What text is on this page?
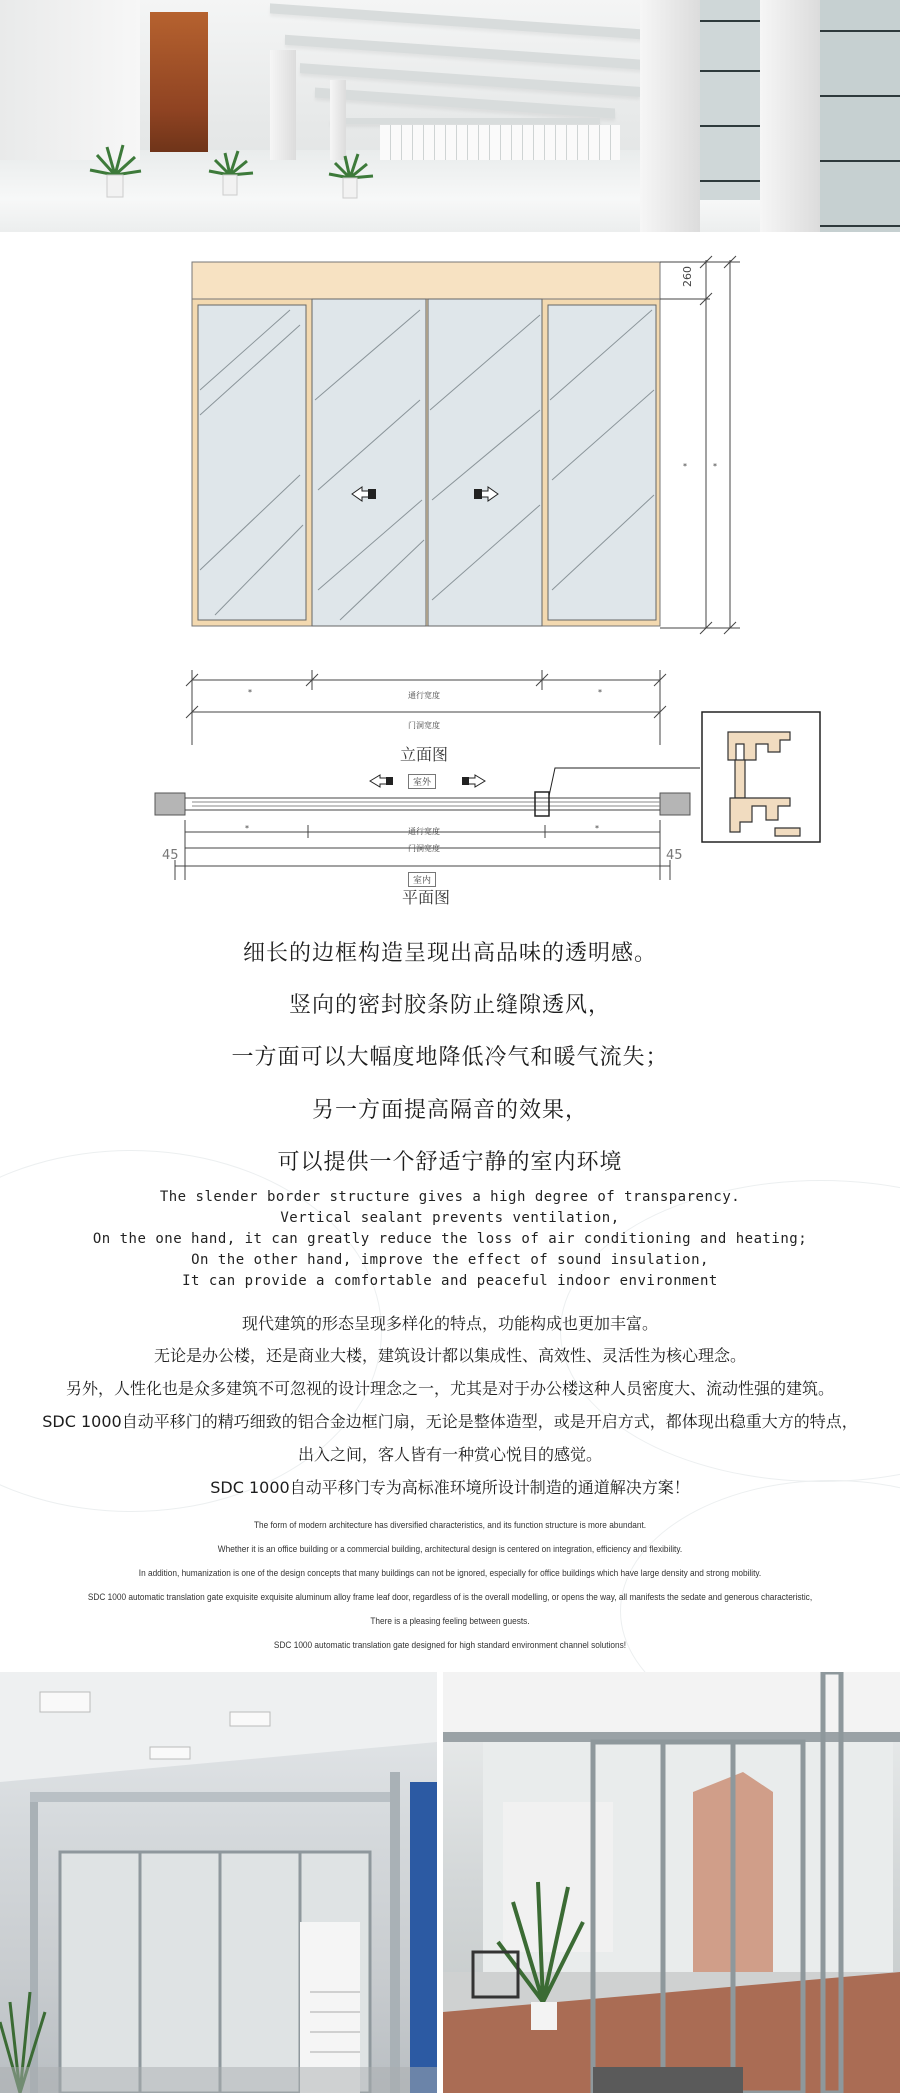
260
*	*
*	通行宽度	*
门洞宽度
立面图
室外
*	通行宽度	*
门洞宽度
45	45
室内
平面图
细长的边框构造呈现出高品味的透明感。
竖向的密封胶条防止缝隙透风，
一方面可以大幅度地降低冷气和暖气流失；
另一方面提高隔音的效果，
可以提供一个舒适宁静的室内环境
The slender border structure gives a high degree of transparency.
Vertical sealant prevents ventilation,
On the one hand, it can greatly reduce the loss of air conditioning and heating;
On the other hand, improve the effect of sound insulation,
It can provide a comfortable and peaceful indoor environment
现代建筑的形态呈现多样化的特点，功能构成也更加丰富。
无论是办公楼，还是商业大楼，建筑设计都以集成性、高效性、灵活性为核心理念。
另外，人性化也是众多建筑不可忽视的设计理念之一，尤其是对于办公楼这种人员密度大、流动性强的建筑。
SDC 1000自动平移门的精巧细致的铝合金边框门扇，无论是整体造型，或是开启方式，都体现出稳重大方的特点，
出入之间，客人皆有一种赏心悦目的感觉。
SDC 1000自动平移门专为高标准环境所设计制造的通道解决方案！
The form of modern architecture has diversified characteristics, and its function structure is more abundant.
Whether it is an office building or a commercial building, architectural design is centered on integration, efficiency and flexibility.
In addition, humanization is one of the design concepts that many buildings can not be ignored, especially for office buildings which have large density and strong mobility.
SDC 1000 automatic translation gate exquisite exquisite aluminum alloy frame leaf door, regardless of is the overall modelling, or opens the way, all manifests the sedate and generous characteristic,
There is a pleasing feeling between guests.
SDC 1000 automatic translation gate designed for high standard environment channel solutions!
